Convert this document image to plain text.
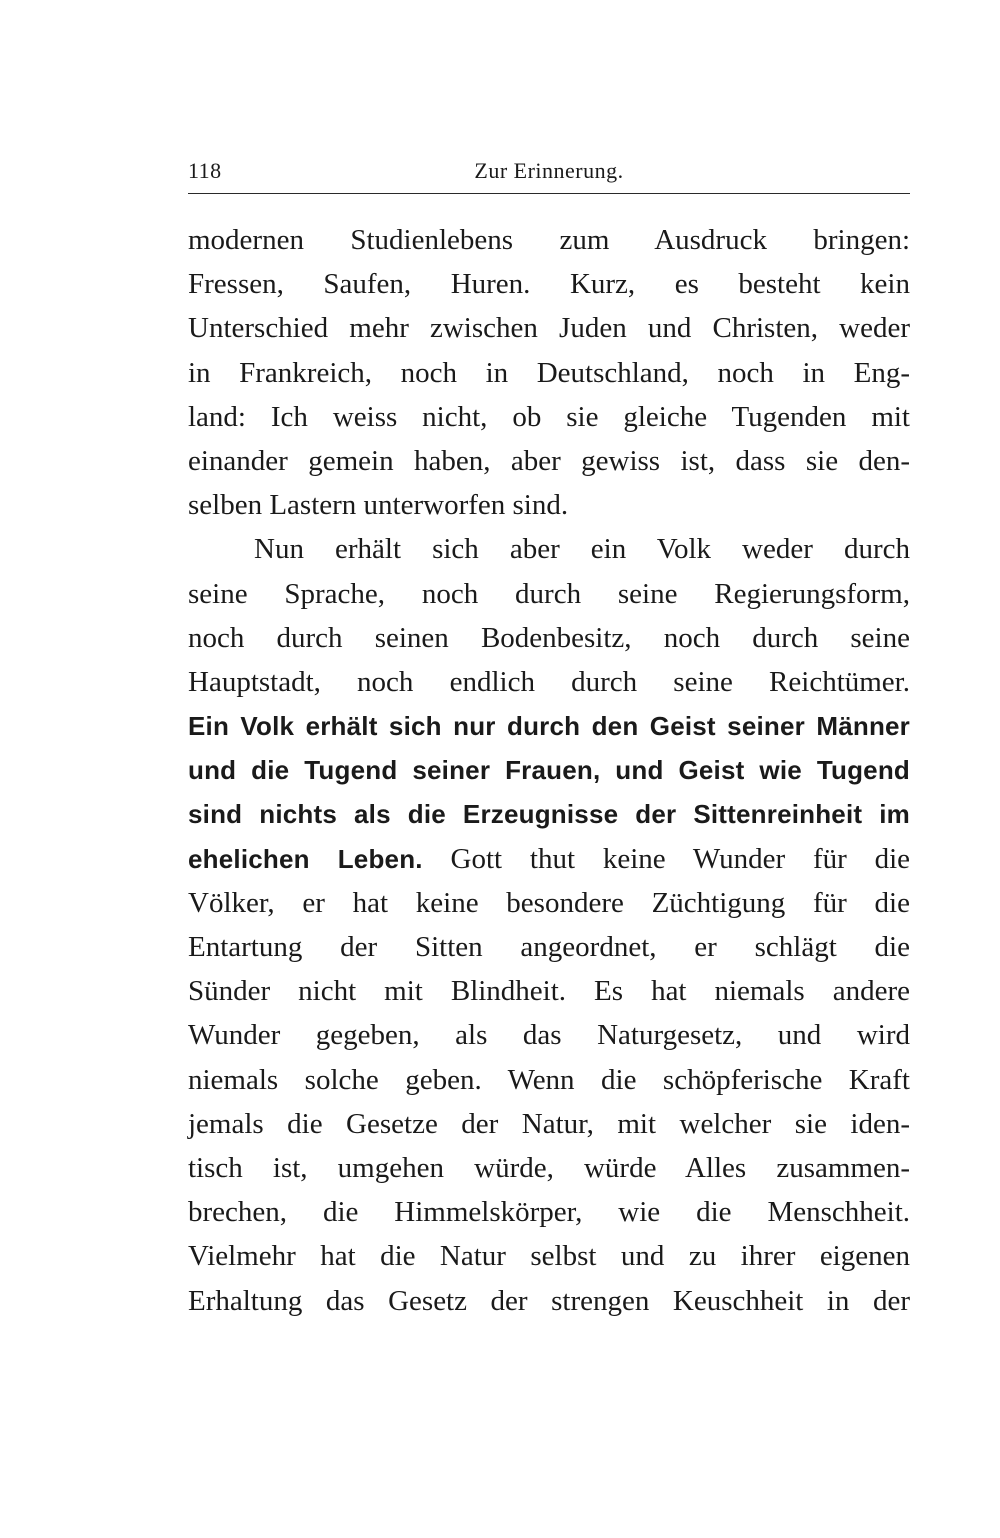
118	Zur Erinnerung.
modernen Studienlebens zum Ausdruck bringen:
Fressen, Saufen, Huren. Kurz, es besteht kein
Unterschied mehr zwischen Juden und Christen, weder
in Frankreich, noch in Deutschland, noch in Eng-
land: Ich weiss nicht, ob sie gleiche Tugenden mit
einander gemein haben, aber gewiss ist, dass sie den-
selben Lastern unterworfen sind.
Nun erhält sich aber ein Volk weder durch
seine Sprache, noch durch seine Regierungsform,
noch durch seinen Bodenbesitz, noch durch seine
Hauptstadt, noch endlich durch seine Reichtümer.
Ein Volk erhält sich nur durch den Geist seiner Männer
und die Tugend seiner Frauen, und Geist wie Tugend
sind nichts als die Erzeugnisse der Sittenreinheit im
ehelichen Leben. Gott thut keine Wunder für die
Völker, er hat keine besondere Züchtigung für die
Entartung der Sitten angeordnet, er schlägt die
Sünder nicht mit Blindheit. Es hat niemals andere
Wunder gegeben, als das Naturgesetz, und wird
niemals solche geben. Wenn die schöpferische Kraft
jemals die Gesetze der Natur, mit welcher sie iden-
tisch ist, umgehen würde, würde Alles zusammen-
brechen, die Himmelskörper, wie die Menschheit.
Vielmehr hat die Natur selbst und zu ihrer eigenen
Erhaltung das Gesetz der strengen Keuschheit in der
